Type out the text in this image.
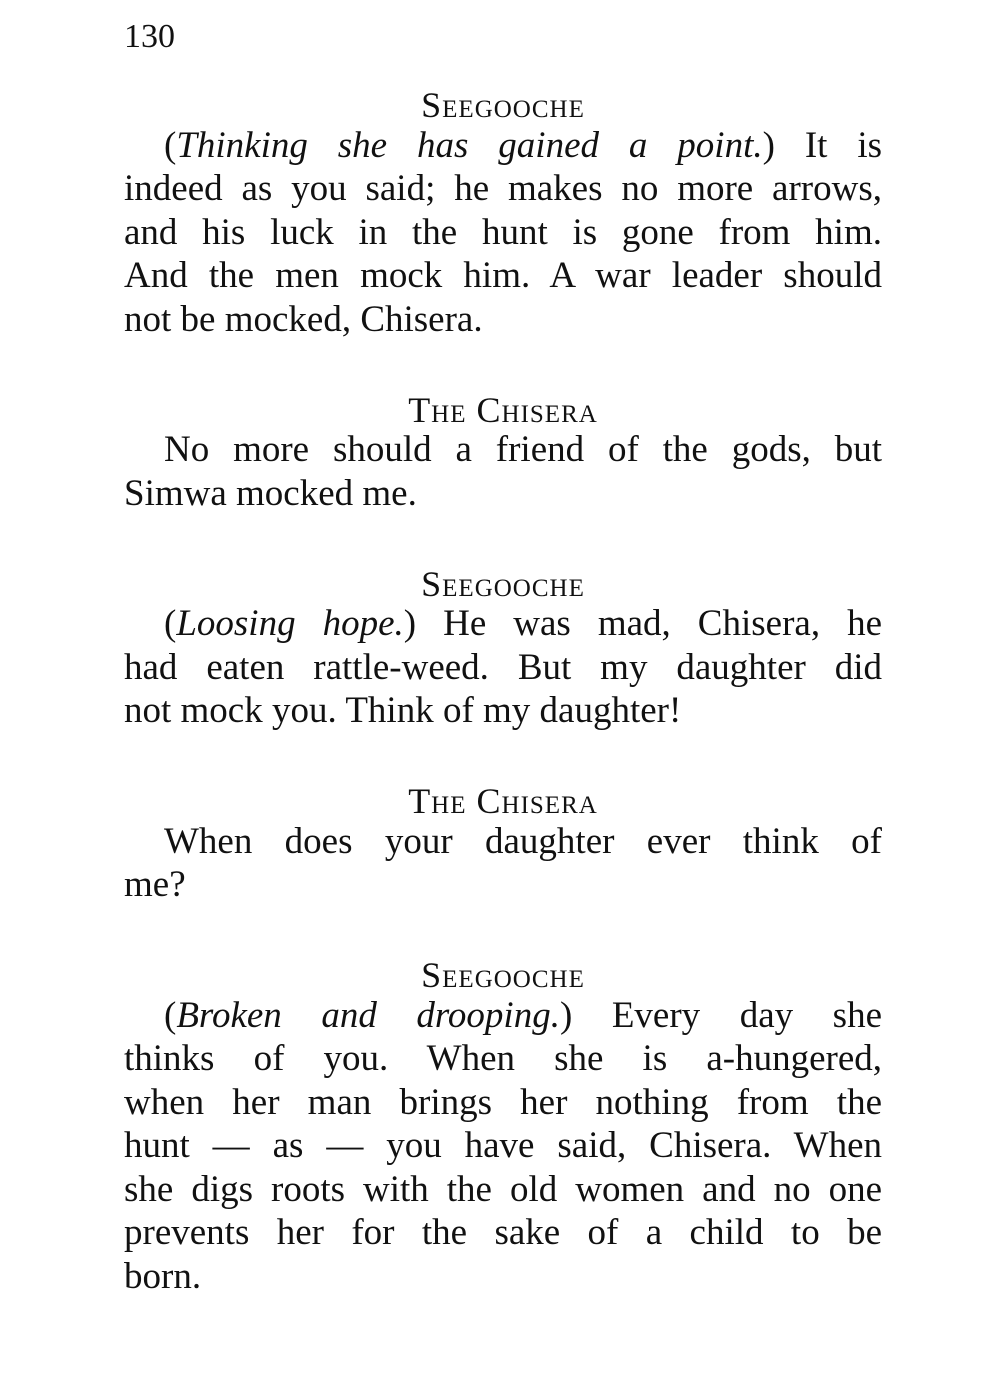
130
Seegooche
(Thinking she has gained a point.) It is
indeed as you said; he makes no more arrows,
and his luck in the hunt is gone from him.
And the men mock him. A war leader should
not be mocked, Chisera.
The Chisera
No more should a friend of the gods, but
Simwa mocked me.
Seegooche
(Loosing hope.) He was mad, Chisera, he
had eaten rattle-weed. But my daughter did
not mock you. Think of my daughter!
The Chisera
When does your daughter ever think of
me?
Seegooche
(Broken and drooping.) Every day she
thinks of you. When she is a-hungered,
when her man brings her nothing from the
hunt — as — you have said, Chisera. When
she digs roots with the old women and no one
prevents her for the sake of a child to be
born.
